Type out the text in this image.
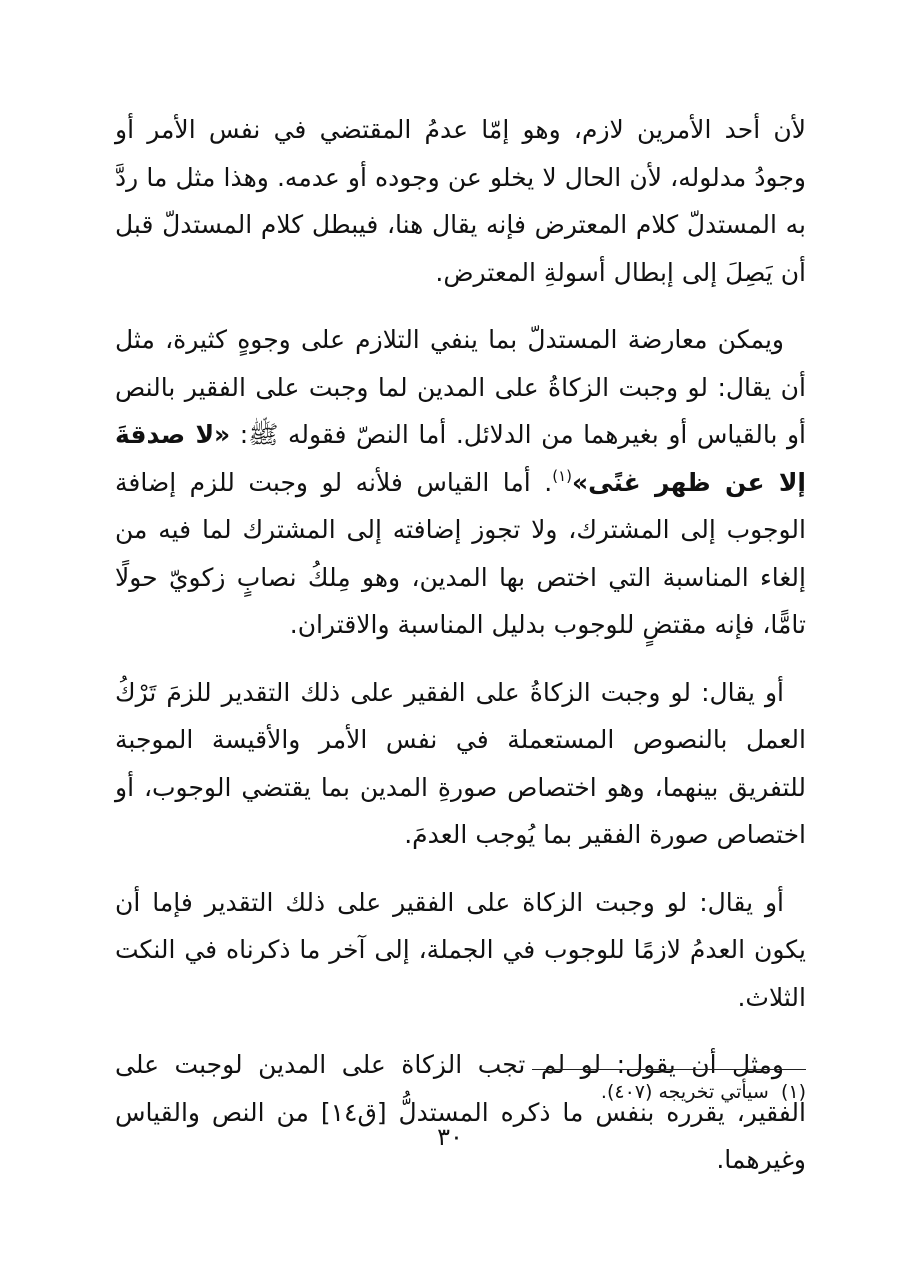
لأن أحد الأمرين لازم، وهو إمّا عدمُ المقتضي في نفس الأمر أو وجودُ مدلوله، لأن الحال لا يخلو عن وجوده أو عدمه. وهذا مثل ما ردَّ به المستدلّ كلام المعترض فإنه يقال هنا، فيبطل كلام المستدلّ قبل أن يَصِلَ إلى إبطال أسولةِ المعترض.

ويمكن معارضة المستدلّ بما ينفي التلازم على وجوهٍ كثيرة، مثل أن يقال: لو وجبت الزكاةُ على المدين لما وجبت على الفقير بالنص أو بالقياس أو بغيرهما من الدلائل. أما النصّ فقوله ﷺ: «لا صدقةَ إلا عن ظهر غنًى»$^{(١)}$. أما القياس فلأنه لو وجبت للزم إضافة الوجوب إلى المشترك، ولا تجوز إضافته إلى المشترك لما فيه من إلغاء المناسبة التي اختص بها المدين، وهو مِلكُ نصابٍ زكويّ حولًا تامًّا، فإنه مقتضٍ للوجوب بدليل المناسبة والاقتران.

أو يقال: لو وجبت الزكاةُ على الفقير على ذلك التقدير للزمَ تَرْكُ العمل بالنصوص المستعملة في نفس الأمر والأقيسة الموجبة للتفريق بينهما، وهو اختصاص صورةِ المدين بما يقتضي الوجوب، أو اختصاص صورة الفقير بما يُوجب العدمَ.

أو يقال: لو وجبت الزكاة على الفقير على ذلك التقدير فإما أن يكون العدمُ لازمًا للوجوب في الجملة، إلى آخر ما ذكرناه في النكت الثلاث.

ومثل أن يقول: لو لم تجب الزكاة على المدين لوجبت على الفقير، يقرره بنفس ما ذكره المستدلُّ [ق١٤] من النص والقياس وغيرهما.

(١)  سيأتي تخريجه (٤٠٧).
٣٠
